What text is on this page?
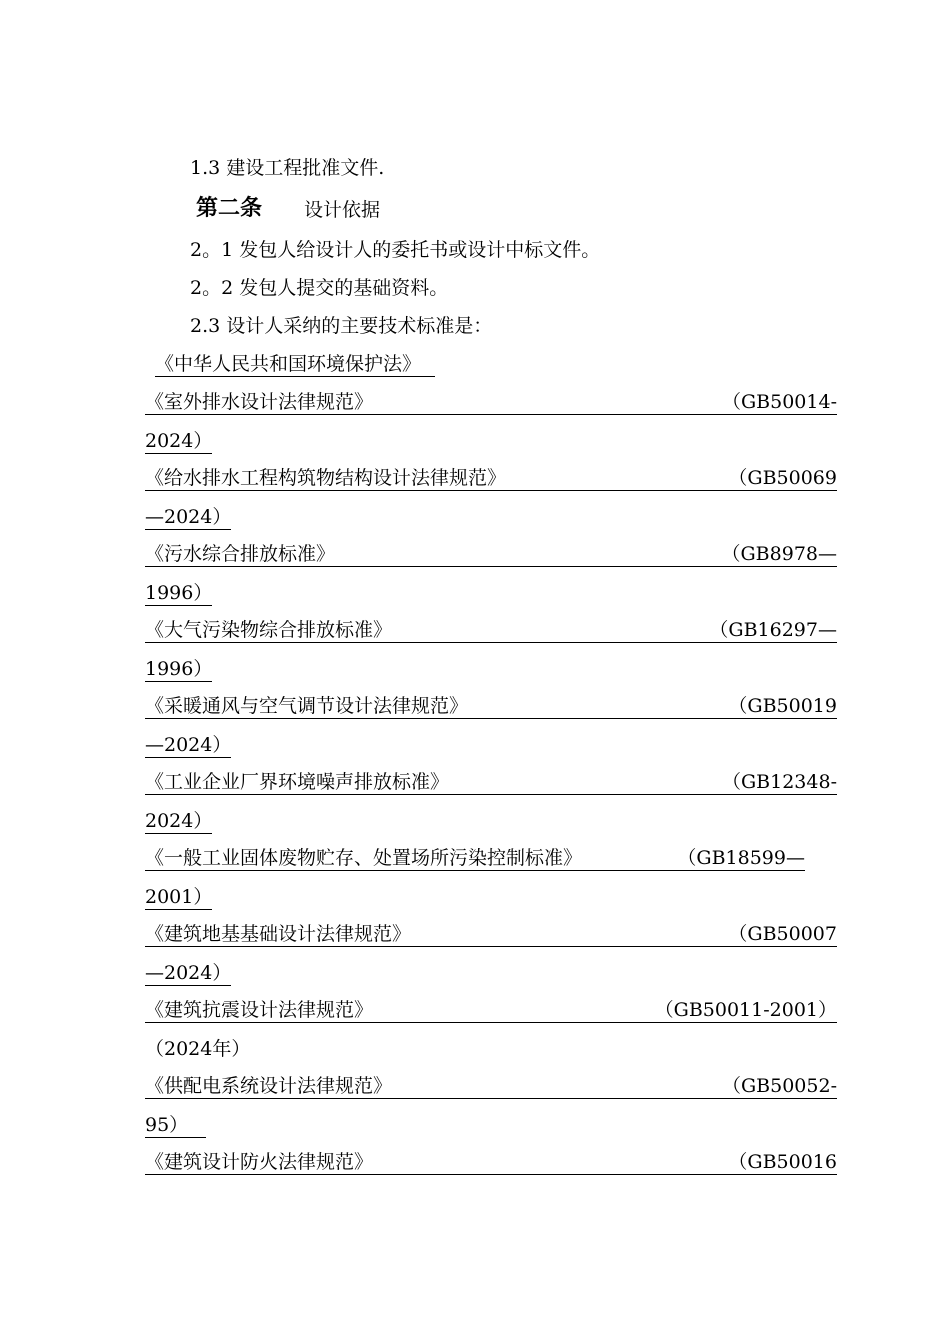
1.3 建设工程批准文件.
第二条 设计依据
2。1 发包人给设计人的委托书或设计中标文件。
2。2 发包人提交的基础资料。
2.3 设计人采纳的主要技术标准是：
《中华人民共和国环境保护法》
《室外排水设计法律规范》	（GB50014-
2024）
《给水排水工程构筑物结构设计法律规范》	（GB50069
—2024）
《污水综合排放标准》	（GB8978—
1996）
《大气污染物综合排放标准》	（GB16297—
1996）
《采暖通风与空气调节设计法律规范》	（GB50019
—2024）
《工业企业厂界环境噪声排放标准》	（GB12348-
2024）
《一般工业固体废物贮存、处置场所污染控制标准》	（GB18599—
2001）
《建筑地基基础设计法律规范》	（GB50007
—2024）
《建筑抗震设计法律规范》	（GB50011-2001）
（2024年）
《供配电系统设计法律规范》	（GB50052-
95）
《建筑设计防火法律规范》	（GB50016
